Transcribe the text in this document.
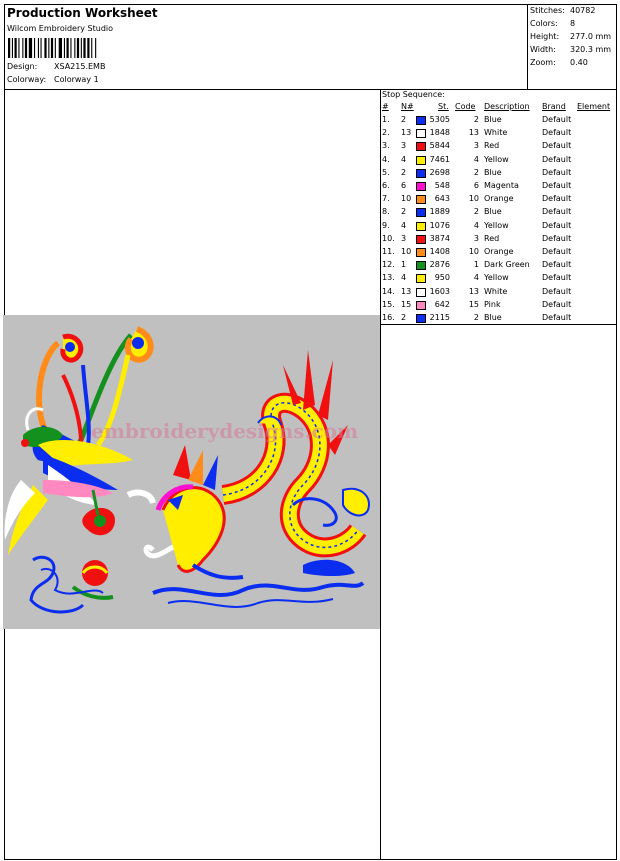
Production Worksheet
Wilcom Embroidery Studio
Design: XSA215.EMB
Colorway: Colorway 1
Stitches: 40782
Colors: 8
Height: 277.0 mm
Width: 320.3 mm
Zoom: 0.40
Stop Sequence:
# N#	St. Code Description Brand Element
1. 2	5305	2 Blue	Default
2. 13 1848 13 White	Default
3. 3	5844	3 Red	Default
4. 4	7461	4 Yellow	Default
5. 2	2698	2 Blue	Default
6. 6	548	6 Magenta	Default
7. 10	643 10 Orange	Default
8. 2	1889	2 Blue	Default
9. 4	1076	4 Yellow	Default
10. 3	3874	3 Red	Default
11. 10 1408 10 Orange	Default
12. 1	2876	1 Dark Green Default
13. 4	950	4 Yellow	Default
14. 13 1603 13 White	Default
15. 15	642 15 Pink	Default
16. 2	2115	2 Blue	Default
embroiderydesigns.com
